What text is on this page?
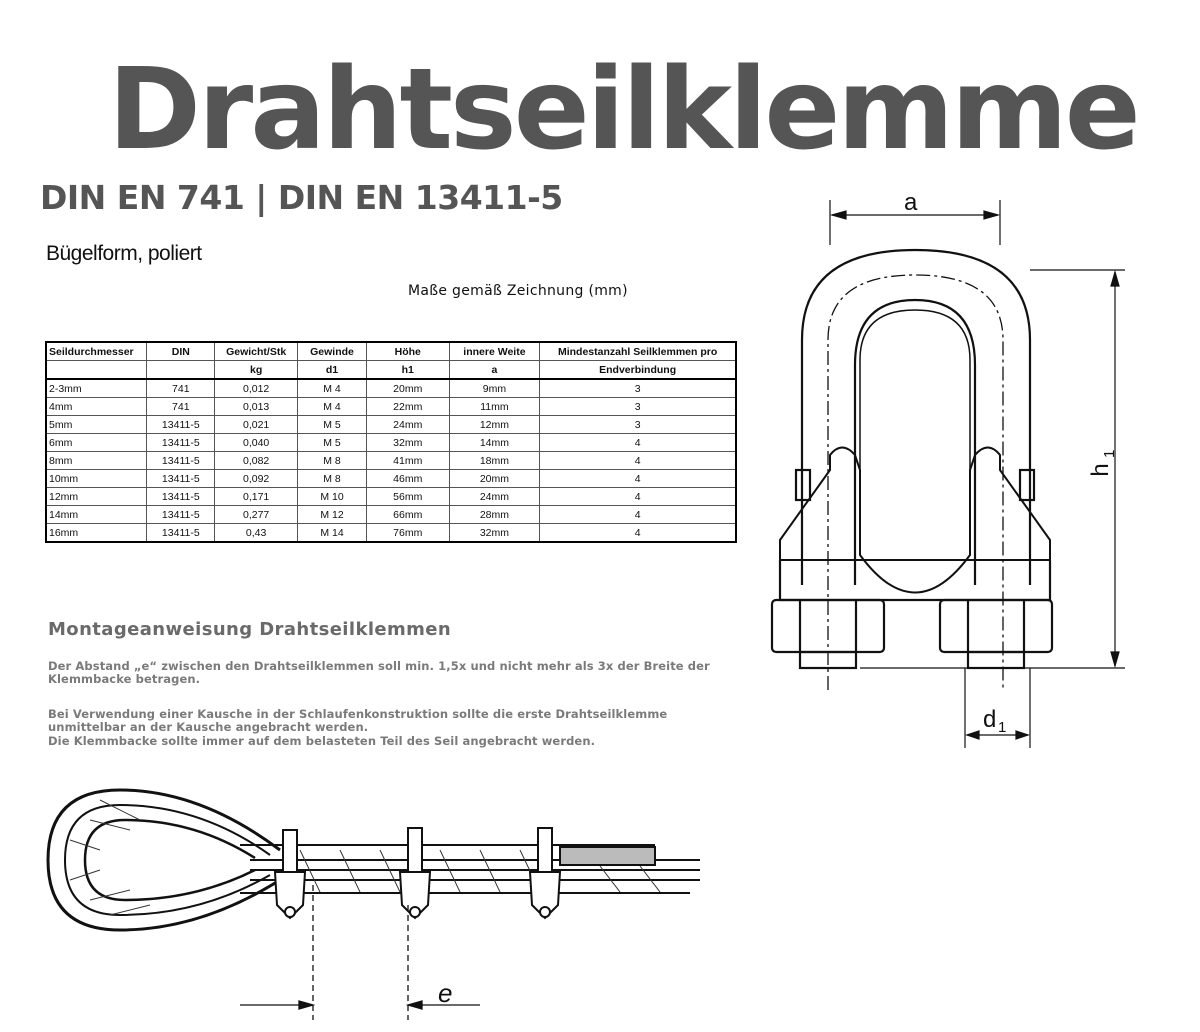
Drahtseilklemme
DIN EN 741 | DIN EN 13411-5
Bügelform, poliert
Maße gemäß Zeichnung (mm)
Seildurchmesser	DIN	Gewicht/Stk	Gewinde	Höhe	innere Weite	Mindestanzahl Seilklemmen pro
		kg	d1	h1	a	Endverbindung
2-3mm	741	0,012	M 4	20mm	9mm	3
4mm	741	0,013	M 4	22mm	11mm	3
5mm	13411-5	0,021	M 5	24mm	12mm	3
6mm	13411-5	0,040	M 5	32mm	14mm	4
8mm	13411-5	0,082	M 8	41mm	18mm	4
10mm	13411-5	0,092	M 8	46mm	20mm	4
12mm	13411-5	0,171	M 10	56mm	24mm	4
14mm	13411-5	0,277	M 12	66mm	28mm	4
16mm	13411-5	0,43	M 14	76mm	32mm	4
Montageanweisung Drahtseilklemmen
Der Abstand „e“ zwischen den Drahtseilklemmen soll min. 1,5x und nicht mehr als 3x der Breite der Klemmbacke betragen.
Bei Verwendung einer Kausche in der Schlaufenkonstruktion sollte die erste Drahtseilklemme unmittelbar an der Kausche angebracht werden.
Die Klemmbacke sollte immer auf dem belasteten Teil des Seil angebracht werden.
a
h
1
d 1
e
